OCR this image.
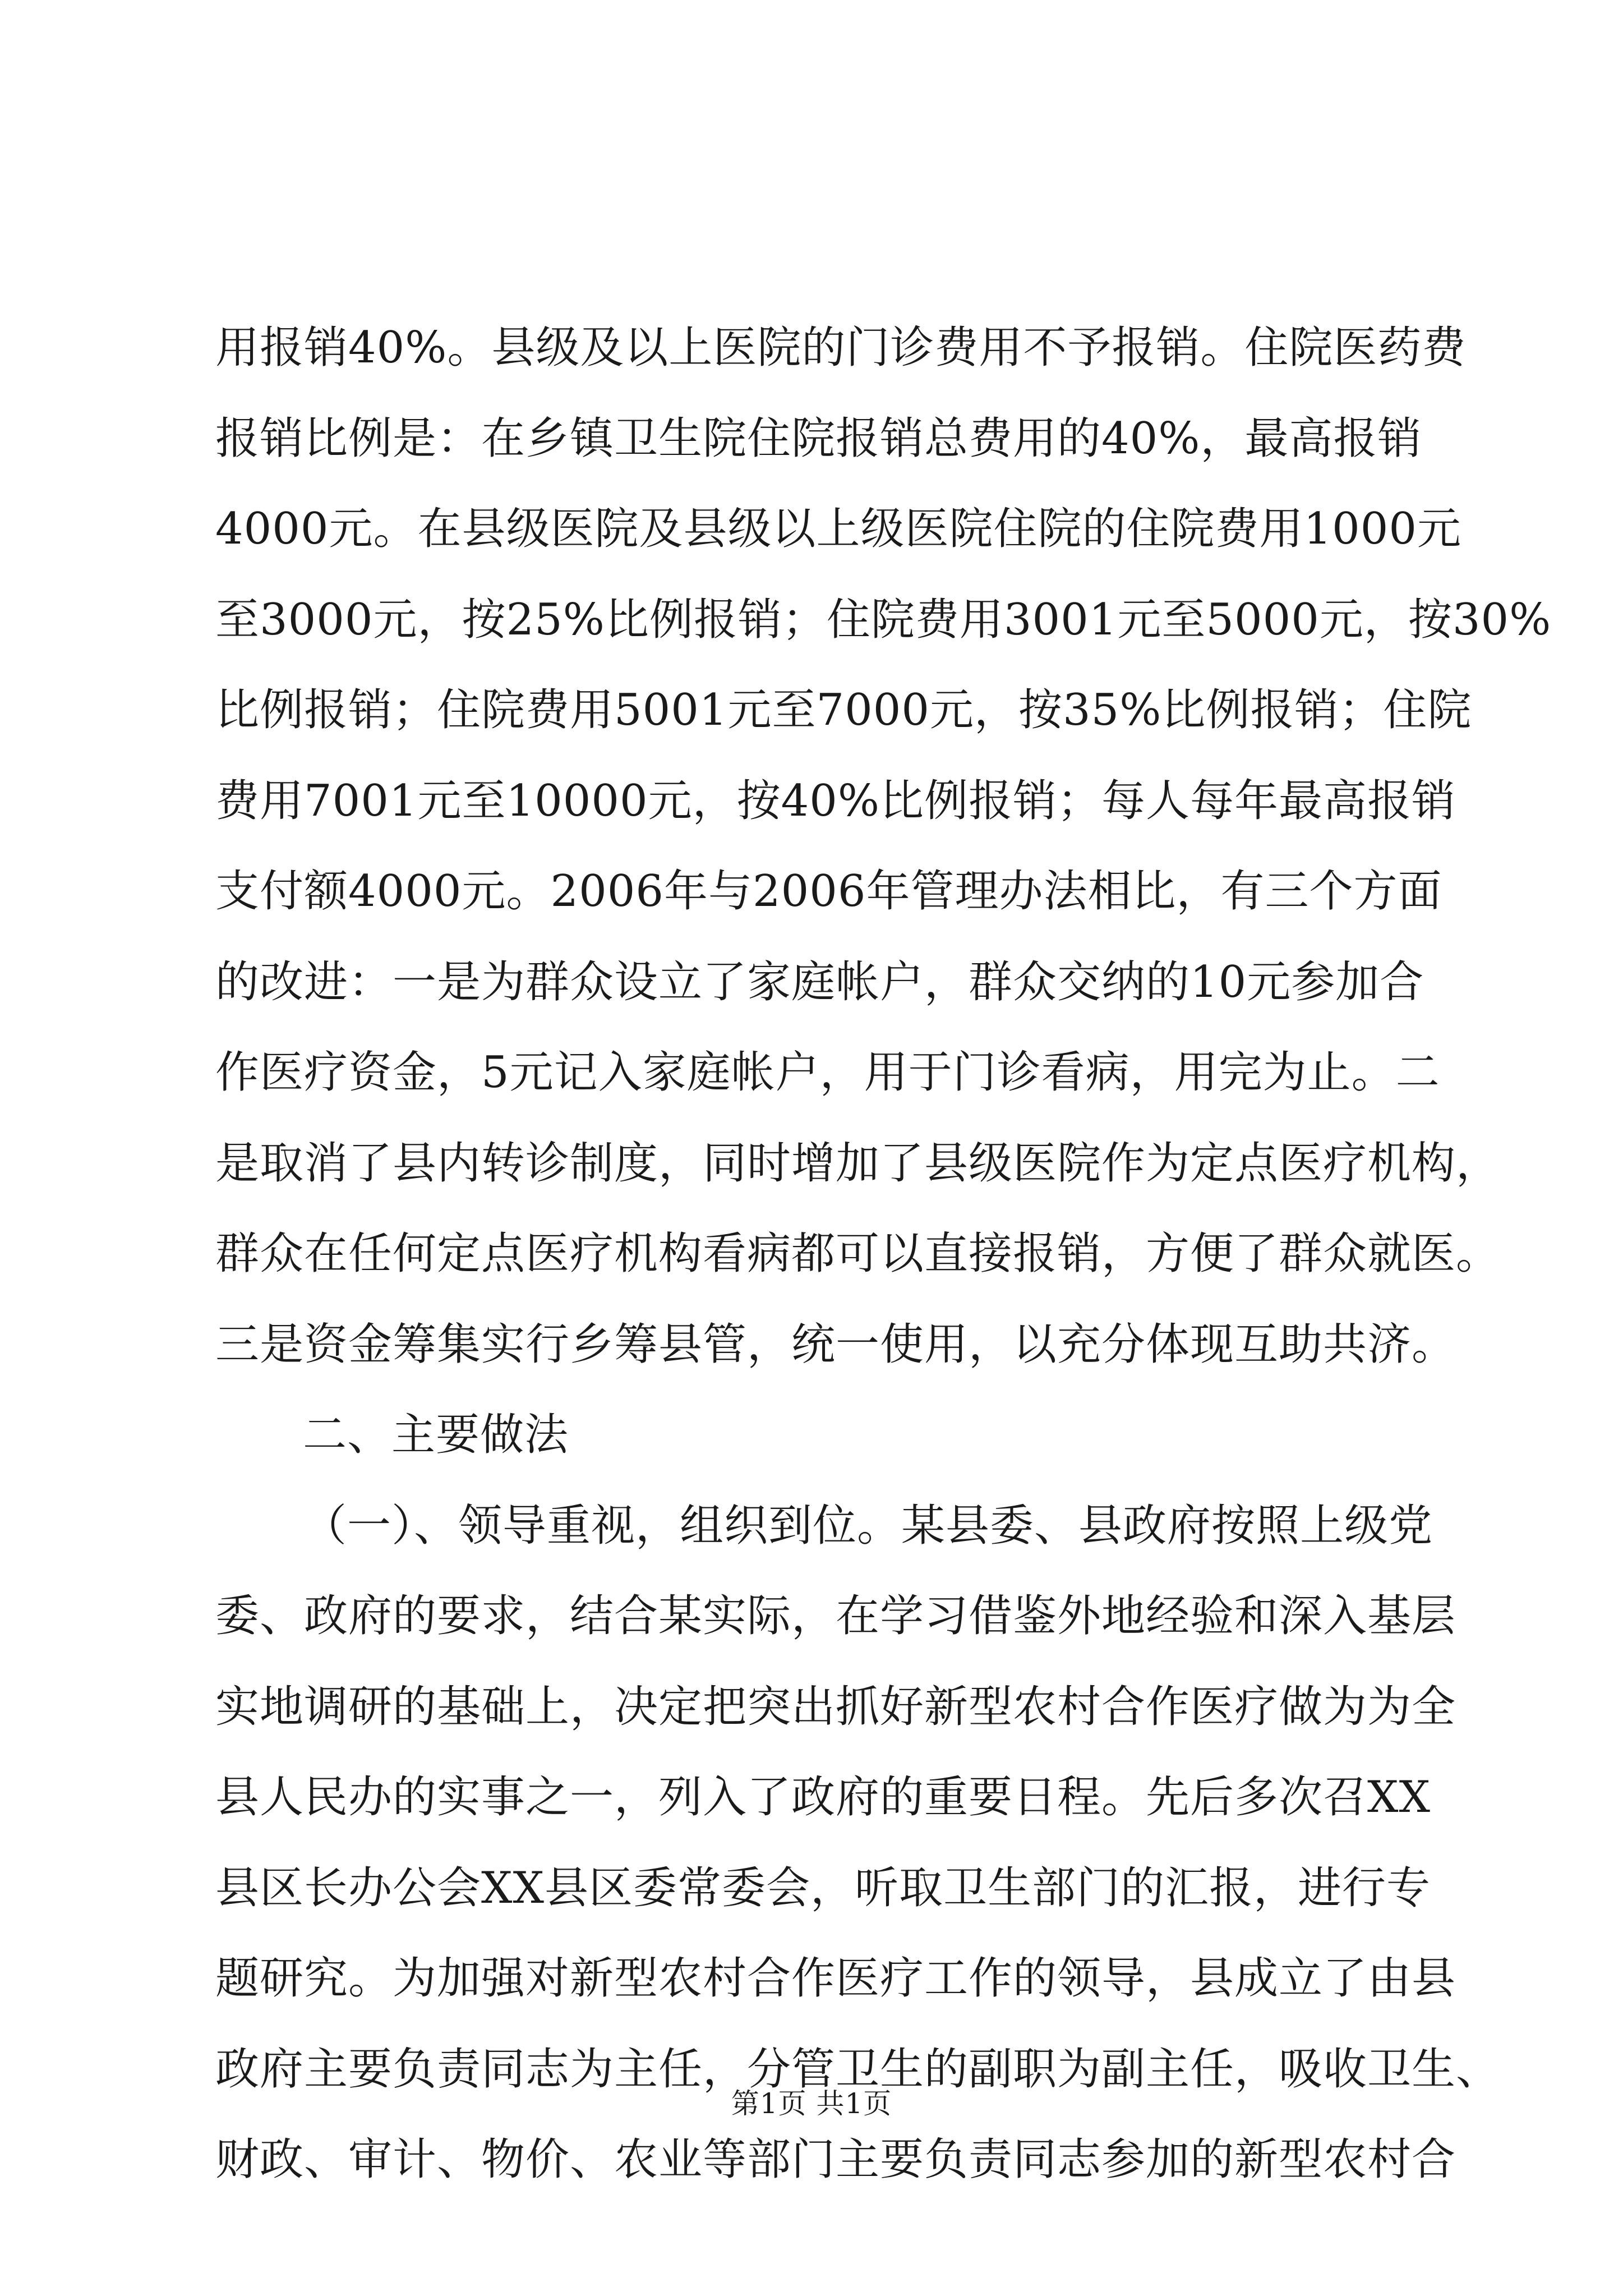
用报销40%。县级及以上医院的门诊费用不予报销。住院医药费
报销比例是：在乡镇卫生院住院报销总费用的40%，最高报销
4000元。在县级医院及县级以上级医院住院的住院费用1000元
至3000元，按25%比例报销；住院费用3001元至5000元，按30%
比例报销；住院费用5001元至7000元，按35%比例报销；住院
费用7001元至10000元，按40%比例报销；每人每年最高报销
支付额4000元。2006年与2006年管理办法相比，有三个方面
的改进：一是为群众设立了家庭帐户，群众交纳的10元参加合
作医疗资金，5元记入家庭帐户，用于门诊看病，用完为止。二
是取消了县内转诊制度，同时增加了县级医院作为定点医疗机构，
群众在任何定点医疗机构看病都可以直接报销，方便了群众就医。
三是资金筹集实行乡筹县管，统一使用，以充分体现互助共济。
二、主要做法
（一）、领导重视，组织到位。某县委、县政府按照上级党
委、政府的要求，结合某实际，在学习借鉴外地经验和深入基层
实地调研的基础上，决定把突出抓好新型农村合作医疗做为为全
县人民办的实事之一，列入了政府的重要日程。先后多次召XX
县区长办公会XX县区委常委会，听取卫生部门的汇报，进行专
题研究。为加强对新型农村合作医疗工作的领导，县成立了由县
政府主要负责同志为主任，分管卫生的副职为副主任，吸收卫生、
财政、审计、物价、农业等部门主要负责同志参加的新型农村合
第1页 共1页
